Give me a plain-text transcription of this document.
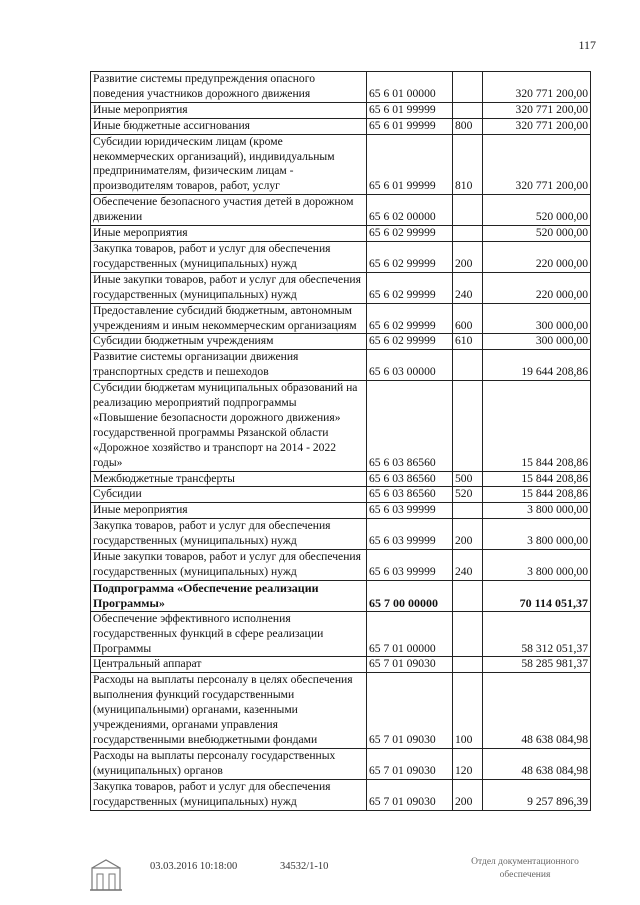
117
Развитие системы предупреждения опасного поведения участников дорожного движения	65 6 01 00000		320 771 200,00
Иные мероприятия	65 6 01 99999		320 771 200,00
Иные бюджетные ассигнования	65 6 01 99999	800	320 771 200,00
Субсидии юридическим лицам (кроме некоммерческих организаций), индивидуальным предпринимателям, физическим лицам - производителям товаров, работ, услуг	65 6 01 99999	810	320 771 200,00
Обеспечение безопасного участия детей в дорожном движении	65 6 02 00000		520 000,00
Иные мероприятия	65 6 02 99999		520 000,00
Закупка товаров, работ и услуг для обеспечения государственных (муниципальных) нужд	65 6 02 99999	200	220 000,00
Иные закупки товаров, работ и услуг для обеспечения государственных (муниципальных) нужд	65 6 02 99999	240	220 000,00
Предоставление субсидий бюджетным, автономным учреждениям и иным некоммерческим организациям	65 6 02 99999	600	300 000,00
Субсидии бюджетным учреждениям	65 6 02 99999	610	300 000,00
Развитие системы организации движения транспортных средств и пешеходов	65 6 03 00000		19 644 208,86
Субсидии бюджетам муниципальных образований на реализацию мероприятий подпрограммы «Повышение безопасности дорожного движения» государственной программы Рязанской области «Дорожное хозяйство и транспорт на 2014 - 2022 годы»	65 6 03 86560		15 844 208,86
Межбюджетные трансферты	65 6 03 86560	500	15 844 208,86
Субсидии	65 6 03 86560	520	15 844 208,86
Иные мероприятия	65 6 03 99999		3 800 000,00
Закупка товаров, работ и услуг для обеспечения государственных (муниципальных) нужд	65 6 03 99999	200	3 800 000,00
Иные закупки товаров, работ и услуг для обеспечения государственных (муниципальных) нужд	65 6 03 99999	240	3 800 000,00
Подпрограмма «Обеспечение реализации Программы»	65 7 00 00000		70 114 051,37
Обеспечение эффективного исполнения государственных функций в сфере реализации Программы	65 7 01 00000		58 312 051,37
Центральный аппарат	65 7 01 09030		58 285 981,37
Расходы на выплаты персоналу в целях обеспечения выполнения функций государственными (муниципальными) органами, казенными учреждениями, органами управления государственными внебюджетными фондами	65 7 01 09030	100	48 638 084,98
Расходы на выплаты персоналу государственных (муниципальных) органов	65 7 01 09030	120	48 638 084,98
Закупка товаров, работ и услуг для обеспечения государственных (муниципальных) нужд	65 7 01 09030	200	9 257 896,39
03.03.2016 10:18:00	34532/1-10	Отдел документационного
обеспечения
